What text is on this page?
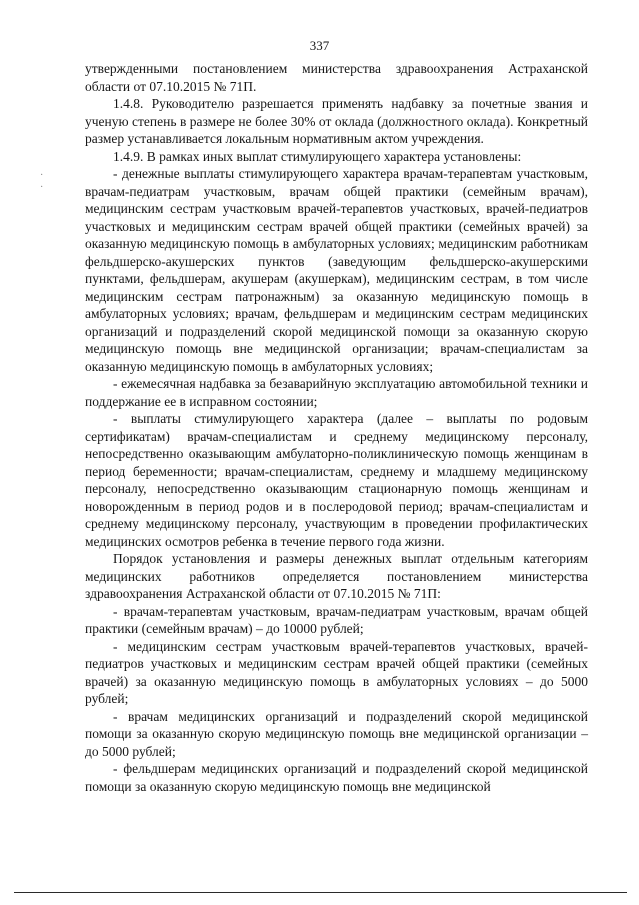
337
·
·

утвержденными постановлением министерства здравоохранения Астраханской области от 07.10.2015 № 71П.

1.4.8. Руководителю разрешается применять надбавку за почетные звания и ученую степень в размере не более 30% от оклада (должностного оклада). Конкретный размер устанавливается локальным нормативным актом учреждения.

1.4.9. В рамках иных выплат стимулирующего характера установлены:

- денежные выплаты стимулирующего характера врачам-терапевтам участковым, врачам-педиатрам участковым, врачам общей практики (семейным врачам), медицинским сестрам участковым врачей-терапевтов участковых, врачей-педиатров участковых и медицинским сестрам врачей общей практики (семейных врачей) за оказанную медицинскую помощь в амбулаторных условиях; медицинским работникам фельдшерско-акушерских пунктов (заведующим фельдшерско-акушерскими пунктами, фельдшерам, акушерам (акушеркам), медицинским сестрам, в том числе медицинским сестрам патронажным) за оказанную медицинскую помощь в амбулаторных условиях; врачам, фельдшерам и медицинским сестрам медицинских организаций и подразделений скорой медицинской помощи за оказанную скорую медицинскую помощь вне медицинской организации; врачам-специалистам за оказанную медицинскую помощь в амбулаторных условиях;

- ежемесячная надбавка за безаварийную эксплуатацию автомобильной техники и поддержание ее в исправном состоянии;

- выплаты стимулирующего характера (далее – выплаты по родовым сертификатам) врачам-специалистам и среднему медицинскому персоналу, непосредственно оказывающим амбулаторно-поликлиническую помощь женщинам в период беременности; врачам-специалистам, среднему и младшему медицинскому персоналу, непосредственно оказывающим стационарную помощь женщинам и новорожденным в период родов и в послеродовой период; врачам-специалистам и среднему медицинскому персоналу, участвующим в проведении профилактических медицинских осмотров ребенка в течение первого года жизни.

Порядок установления и размеры денежных выплат отдельным категориям медицинских работников определяется постановлением министерства здравоохранения Астраханской области от 07.10.2015 № 71П:

- врачам-терапевтам участковым, врачам-педиатрам участковым, врачам общей практики (семейным врачам) – до 10000 рублей;

- медицинским сестрам участковым врачей-терапевтов участковых, врачей-педиатров участковых и медицинским сестрам врачей общей практики (семейных врачей) за оказанную медицинскую помощь в амбулаторных условиях – до 5000 рублей;

- врачам медицинских организаций и подразделений скорой медицинской помощи за оказанную скорую медицинскую помощь вне медицинской организации – до 5000 рублей;

- фельдшерам медицинских организаций и подразделений скорой медицинской помощи за оказанную скорую медицинскую помощь вне медицинской
